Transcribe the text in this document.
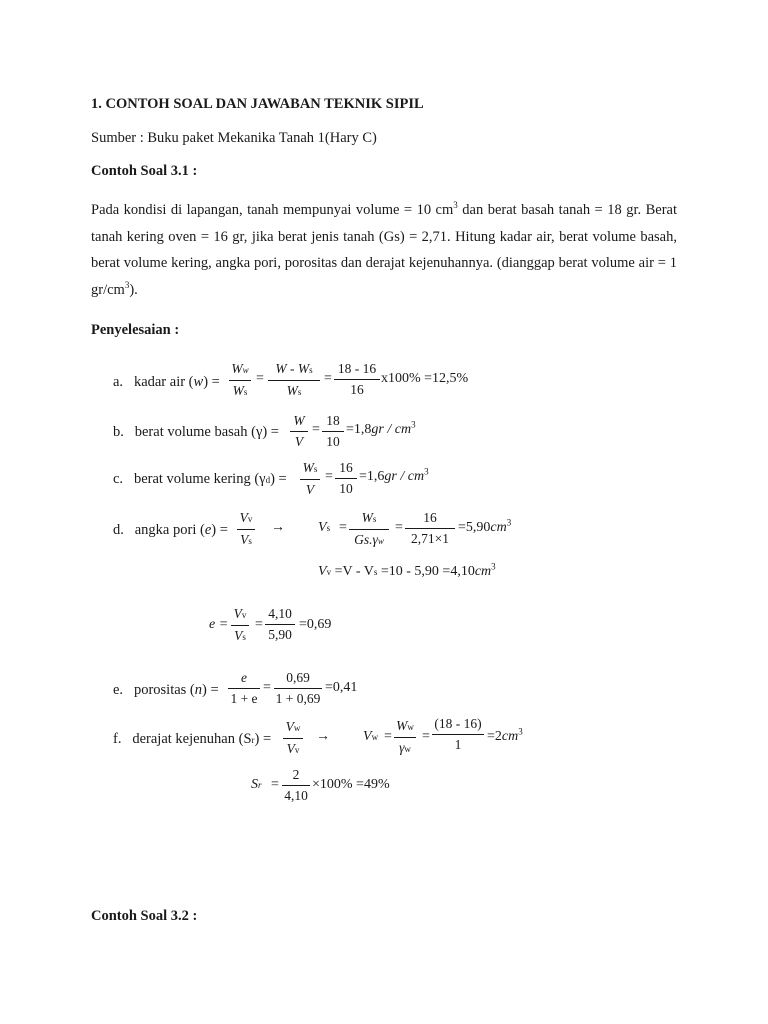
1. CONTOH SOAL DAN JAWABAN TEKNIK SIPIL
Sumber : Buku paket Mekanika Tanah 1(Hary C)
Contoh Soal 3.1 :
Pada kondisi di lapangan, tanah mempunyai volume = 10 $cm^3$ dan berat basah tanah = 18 gr. Berat tanah kering oven = 16 gr, jika berat jenis tanah (Gs) = 2,71. Hitung kadar air, berat volume basah, berat volume kering, angka pori, porositas dan derajat kejenuhannya. (dianggap berat volume air = 1 $gr/cm^3$).
Penyelesaian :
a. kadar air (w) =
Ww
Ws
=
W - Ws
Ws
=
18 - 16
16
x100% =12,5%
b. berat volume basah (γ) =
W
V
=
18
10
$=1,8gr / cm^3$
c. berat volume kering (γd) =
Ws
V
=
16
10
$=1,6gr / cm^3$
d. angka pori (e) =
Vv
Vs
→ Vs =
Ws
Gs.γw
=
16
2,71×1
$=5,90cm^3$
$Vv =V - Vs =10 - 5,90 =4,10cm^3$
e =
Vv
Vs
=
4,10
5,90
=0,69
e. porositas (n) =
e
1 + e
=
0,69
1 + 0,69
=0,41
f. derajat kejenuhan (Sr) =
Vw
Vv
→ Vw =
Ww
γw
=
(18 - 16)
1
$=2cm^3$
Sr =
2
4,10
×100% =49%
Contoh Soal 3.2 :
